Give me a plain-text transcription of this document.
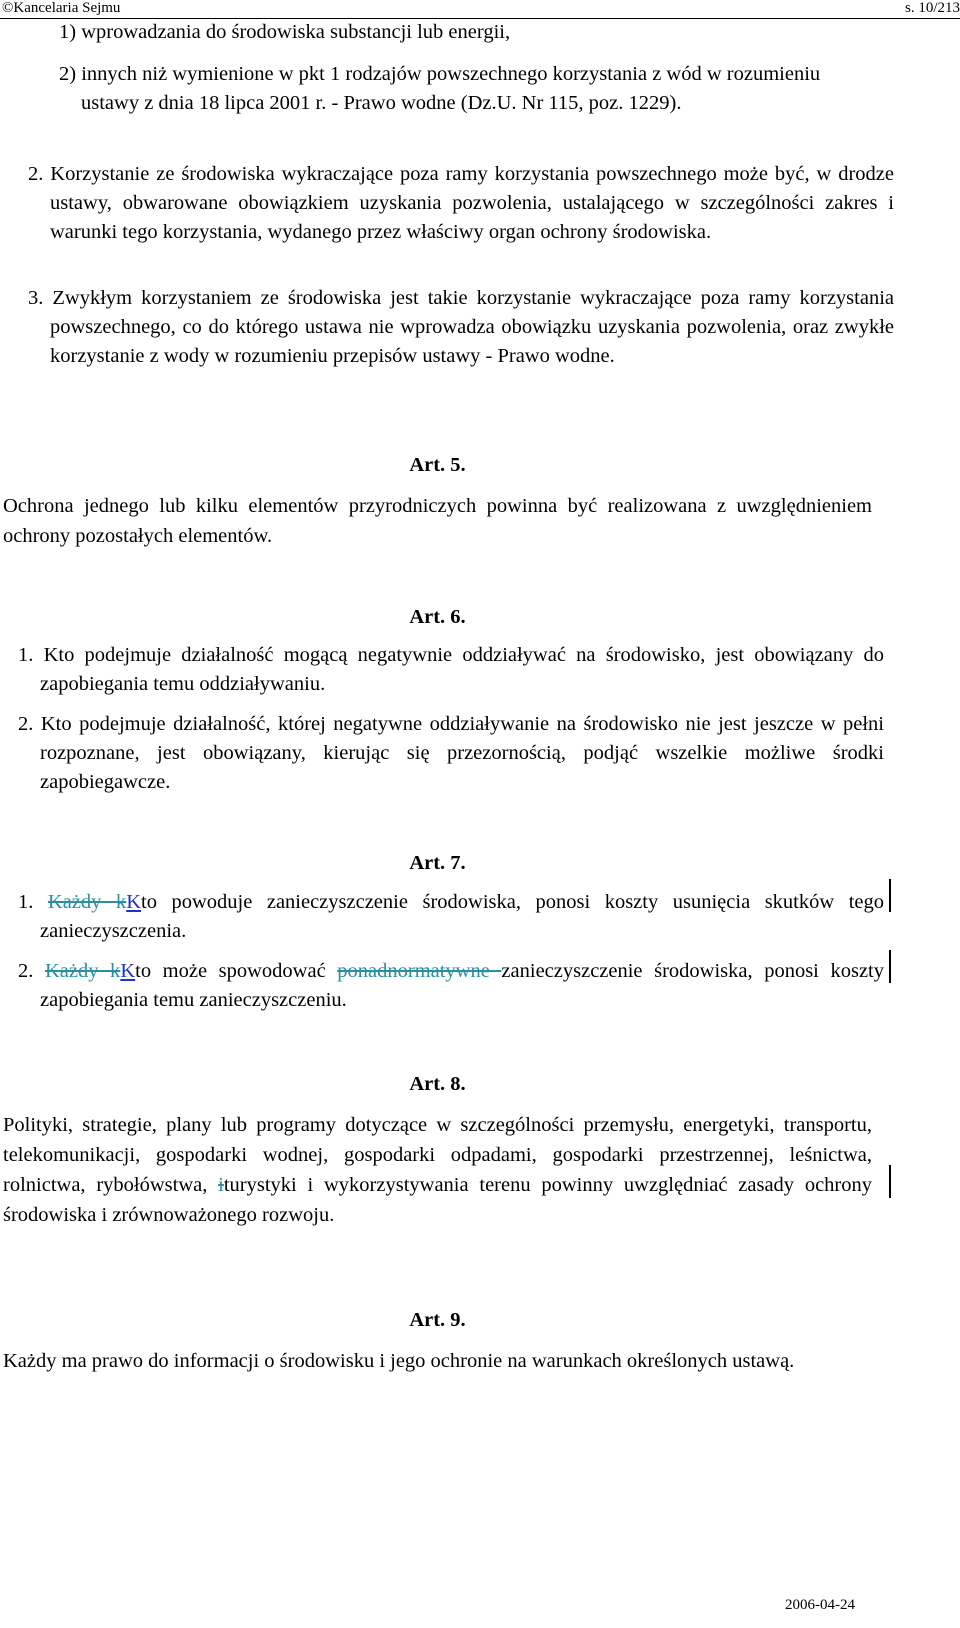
©Kancelaria Sejmu	s. 10/213
1) wprowadzania do środowiska substancji lub energii,
2) innych niż wymienione w pkt 1 rodzajów powszechnego korzystania z wód w rozumieniu ustawy z dnia 18 lipca 2001 r. - Prawo wodne (Dz.U. Nr 115, poz. 1229).
2. Korzystanie ze środowiska wykraczające poza ramy korzystania powszechnego może być, w drodze ustawy, obwarowane obowiązkiem uzyskania pozwolenia, ustalającego w szczególności zakres i warunki tego korzystania, wydanego przez właściwy organ ochrony środowiska.
3. Zwykłym korzystaniem ze środowiska jest takie korzystanie wykraczające poza ramy korzystania powszechnego, co do którego ustawa nie wprowadza obowiązku uzyskania pozwolenia, oraz zwykłe korzystanie z wody w rozumieniu przepisów ustawy - Prawo wodne.
Art. 5.
Ochrona jednego lub kilku elementów przyrodniczych powinna być realizowana z uwzględnieniem ochrony pozostałych elementów.
Art. 6.
1. Kto podejmuje działalność mogącą negatywnie oddziaływać na środowisko, jest obowiązany do zapobiegania temu oddziaływaniu.
2. Kto podejmuje działalność, której negatywne oddziaływanie na środowisko nie jest jeszcze w pełni rozpoznane, jest obowiązany, kierując się przezornością, podjąć wszelkie możliwe środki zapobiegawcze.
Art. 7.
1. Każdy kKto powoduje zanieczyszczenie środowiska, ponosi koszty usunięcia skutków tego zanieczyszczenia.
2. Każdy kKto może spowodować ponadnormatywne zanieczyszczenie środowiska, ponosi koszty zapobiegania temu zanieczyszczeniu.
Art. 8.
Polityki, strategie, plany lub programy dotyczące w szczególności przemysłu, energetyki, transportu, telekomunikacji, gospodarki wodnej, gospodarki odpadami, gospodarki przestrzennej, leśnictwa, rolnictwa, rybołówstwa, iturystyki i wykorzystywania terenu powinny uwzględniać zasady ochrony środowiska i zrównoważonego rozwoju.
Art. 9.
Każdy ma prawo do informacji o środowisku i jego ochronie na warunkach określonych ustawą.
2006-04-24
